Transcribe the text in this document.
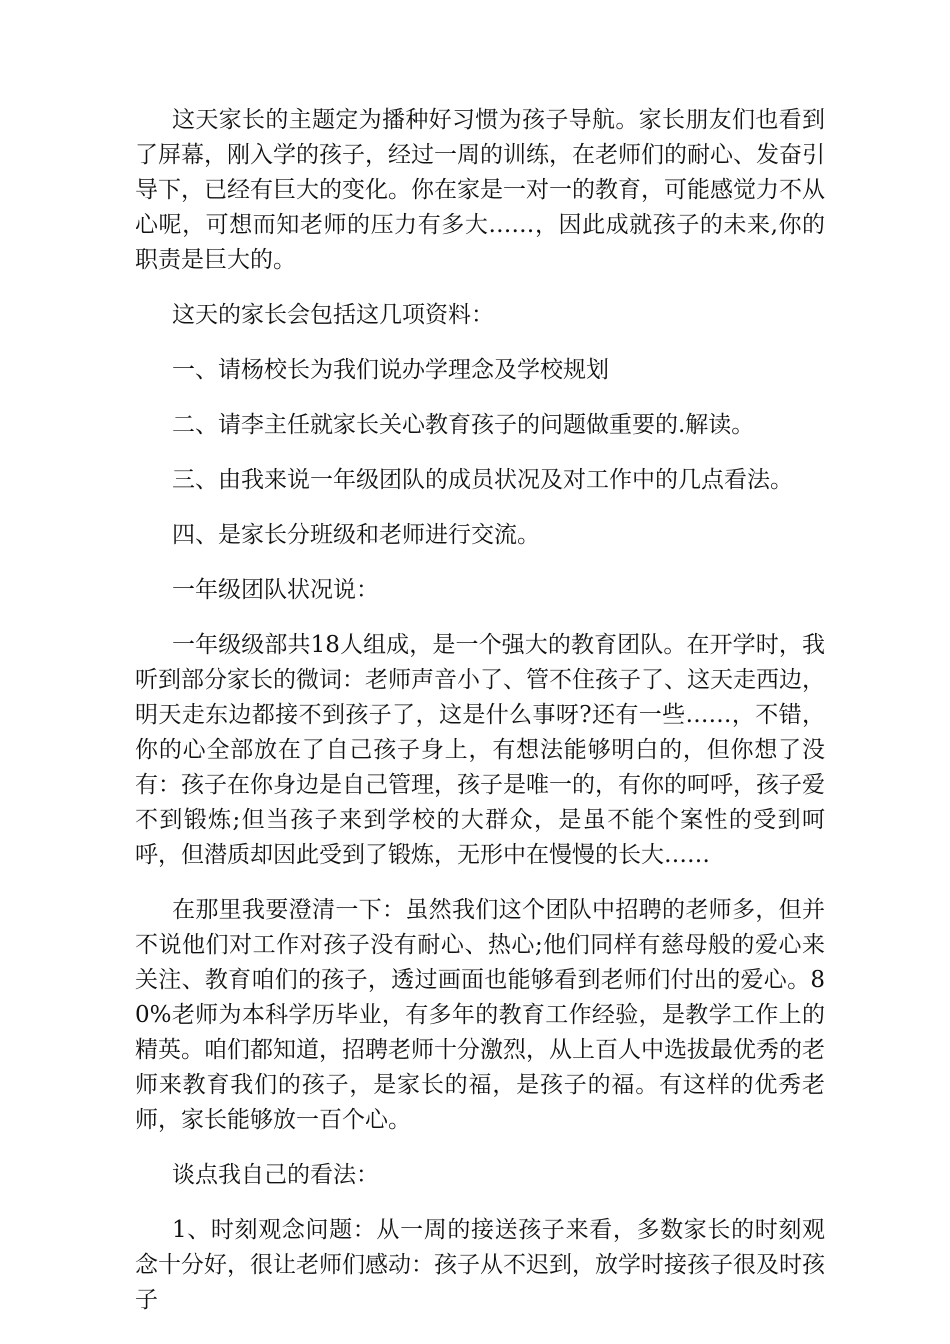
这天家长的主题定为播种好习惯为孩子导航。家长朋友们也看到了屏幕，刚入学的孩子，经过一周的训练，在老师们的耐心、发奋引导下，已经有巨大的变化。你在家是一对一的教育，可能感觉力不从心呢，可想而知老师的压力有多大……，因此成就孩子的未来,你的职责是巨大的。

这天的家长会包括这几项资料：

一、请杨校长为我们说办学理念及学校规划

二、请李主任就家长关心教育孩子的问题做重要的.解读。

三、由我来说一年级团队的成员状况及对工作中的几点看法。

四、是家长分班级和老师进行交流。

一年级团队状况说：

一年级级部共18人组成，是一个强大的教育团队。在开学时，我听到部分家长的微词：老师声音小了、管不住孩子了、这天走西边，明天走东边都接不到孩子了，这是什么事呀?还有一些……，不错，你的心全部放在了自己孩子身上，有想法能够明白的，但你想了没有：孩子在你身边是自己管理，孩子是唯一的，有你的呵呼，孩子爱不到锻炼;但当孩子来到学校的大群众，是虽不能个案性的受到呵呼，但潜质却因此受到了锻炼，无形中在慢慢的长大……

在那里我要澄清一下：虽然我们这个团队中招聘的老师多，但并不说他们对工作对孩子没有耐心、热心;他们同样有慈母般的爱心来关注、教育咱们的孩子，透过画面也能够看到老师们付出的爱心。80%老师为本科学历毕业，有多年的教育工作经验，是教学工作上的精英。咱们都知道，招聘老师十分激烈，从上百人中选拔最优秀的老师来教育我们的孩子，是家长的福，是孩子的福。有这样的优秀老师，家长能够放一百个心。

谈点我自己的看法：

1、时刻观念问题：从一周的接送孩子来看，多数家长的时刻观念十分好，很让老师们感动：孩子从不迟到，放学时接孩子很及时孩子
